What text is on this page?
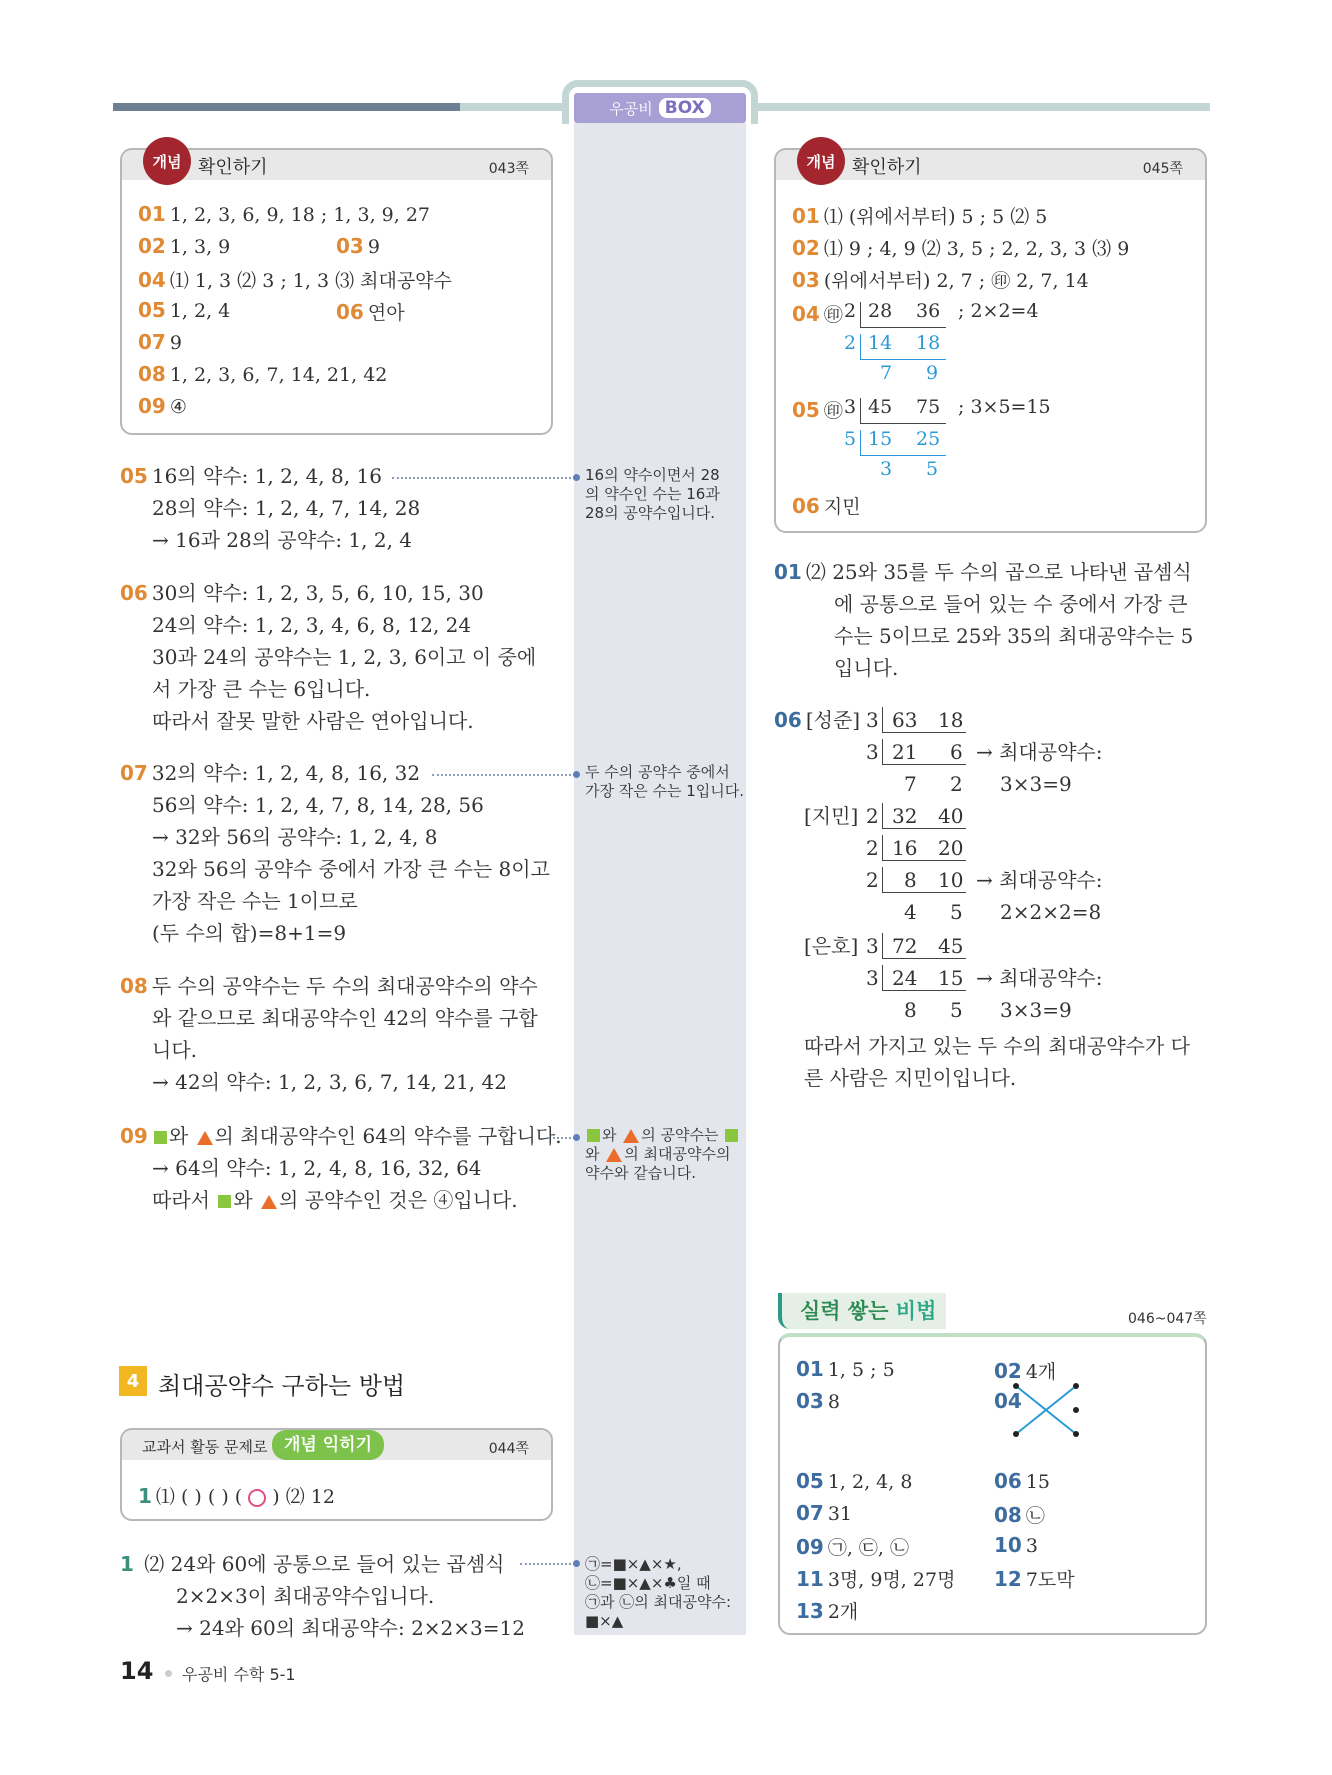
우공비 BOX
확인하기	043쪽
01 1, 2, 3, 6, 9, 18 ; 1, 3, 9, 27
02 1, 3, 9	03 9
04 ⑴ 1, 3 ⑵ 3 ; 1, 3 ⑶ 최대공약수
05 1, 2, 4	06 연아
07 9
08 1, 2, 3, 6, 7, 14, 21, 42
09 ④
개념	확인하기	045쪽
01 ⑴ (위에서부터) 5 ; 5 ⑵ 5
02 ⑴ 9 ; 4, 9 ⑵ 3, 5 ; 2, 2, 3, 3 ⑶ 9
03 (위에서부터) 2, 7 ; ㊞ 2, 7, 14
04 ㊞ 2 28 36 ; 2×2=4
2 14 18
7 9
05 ㊞ 3 45 75 ; 3×5=15
5 15 25
3 5
06 지민
개념
05 16의 약수: 1, 2, 4, 8, 16
28의 약수: 1, 2, 4, 7, 14, 28
→ 16과 28의 공약수: 1, 2, 4
06 30의 약수: 1, 2, 3, 5, 6, 10, 15, 30
24의 약수: 1, 2, 3, 4, 6, 8, 12, 24
30과 24의 공약수는 1, 2, 3, 6이고 이 중에
서 가장 큰 수는 6입니다.
따라서 잘못 말한 사람은 연아입니다.
07 32의 약수: 1, 2, 4, 8, 16, 32
56의 약수: 1, 2, 4, 7, 8, 14, 28, 56
→ 32와 56의 공약수: 1, 2, 4, 8
32와 56의 공약수 중에서 가장 큰 수는 8이고
가장 작은 수는 1이므로
(두 수의 합)=8+1=9
08 두 수의 공약수는 두 수의 최대공약수의 약수
와 같으므로 최대공약수인 42의 약수를 구합
니다.
→ 42의 약수: 1, 2, 3, 6, 7, 14, 21, 42
09 와 의 최대공약수인 64의 약수를 구합니다.
→ 64의 약수: 1, 2, 4, 8, 16, 32, 64
따라서 와 의 공약수인 것은 ④입니다.
16의 약수이면서 28
의 약수인 수는 16과
28의 공약수입니다.
두 수의 공약수 중에서
가장 작은 수는 1입니다.
와 의 공약수는
와 의 최대공약수의
약수와 같습니다.
㉠=■×▲×★,
㉡=■×▲×♣일 때
㉠과 ㉡의 최대공약수:
■×▲
01 ⑵ 25와 35를 두 수의 곱으로 나타낸 곱셈식
에 공통으로 들어 있는 수 중에서 가장 큰
수는 5이므로 25와 35의 최대공약수는 5
입니다.
06 [성준] 3 63 18
3 21 6 → 최대공약수:
7 2 3×3=9
[지민] 2 32 40
2 16 20
2 8 10 → 최대공약수:
4 5 2×2×2=8
[은호] 3 72 45
3 24 15 → 최대공약수:
8 5 3×3=9
따라서 가지고 있는 두 수의 최대공약수가 다
른 사람은 지민이입니다.
4 최대공약수 구하는 방법
교과서 활동 문제로 개념 익히기	044쪽
1 ⑴ ( ) ( ) ( ) ⑵ 12
1 ⑵ 24와 60에 공통으로 들어 있는 곱셈식
2×2×3이 최대공약수입니다.
→ 24와 60의 최대공약수: 2×2×3=12
실력 쌓는 비법	046~047쪽
01 1, 5 ; 5	02 4개
03 8	04
05 1, 2, 4, 8	06 15
07 31	08 ㉡
09 ㉠, ㉢, ㉡	10 3
11 3명, 9명, 27명 12 7도막
13 2개
14 우공비 수학 5-1
